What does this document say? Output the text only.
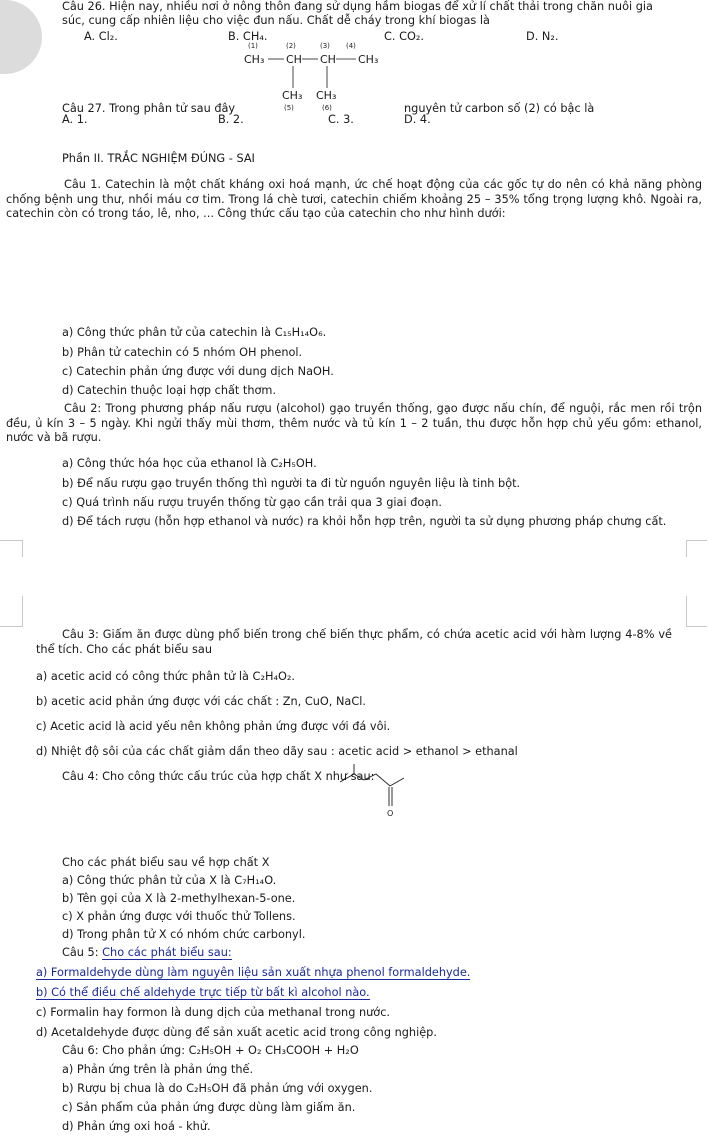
Câu 26. Hiện nay, nhiều nơi ở nông thôn đang sử dụng hầm biogas để xử lí chất thải trong chăn nuôi gia
súc, cung cấp nhiên liệu cho việc đun nấu. Chất dễ cháy trong khí biogas là
A. Cl₂.	B. CH₄.	C. CO₂.	D. N₂.
(1)	(2)	(3) (4)
(5)	(6)
CH₃ CH CH CH₃
CH₃ CH₃
Câu 27. Trong phân tử sau đây	nguyên tử carbon số (2) có bậc là
A. 1.	B. 2.	C. 3.	D. 4.
Phần II. TRẮC NGHIỆM ĐÚNG - SAI
Câu 1. Catechin là một chất kháng oxi hoá mạnh, ức chế hoạt động của các gốc tự do nên có khả năng phòng chống bệnh ung thư, nhồi máu cơ tim. Trong lá chè tươi, catechin chiếm khoảng 25 – 35% tổng trọng lượng khô. Ngoài ra, catechin còn có trong táo, lê, nho, ... Công thức cấu tạo của catechin cho như hình dưới:
a) Công thức phân tử của catechin là C₁₅H₁₄O₆.
b) Phân tử catechin có 5 nhóm OH phenol.
c) Catechin phản ứng được với dung dịch NaOH.
d) Catechin thuộc loại hợp chất thơm.
Câu 2: Trong phương pháp nấu rượu (alcohol) gạo truyền thống, gạo được nấu chín, để nguội, rắc men rồi trộn đều, ủ kín 3 – 5 ngày. Khi ngửi thấy mùi thơm, thêm nước và tủ kín 1 – 2 tuần, thu được hỗn hợp chủ yếu gồm: ethanol, nước và bã rượu.
a) Công thức hóa học của ethanol là C₂H₅OH.
b) Để nấu rượu gạo truyền thống thì người ta đi từ nguồn nguyên liệu là tinh bột.
c) Quá trình nấu rượu truyền thống từ gạo cần trải qua 3 giai đoạn.
d) Để tách rượu (hỗn hợp ethanol và nước) ra khỏi hỗn hợp trên, người ta sử dụng phương pháp chưng cất.
Câu 3: Giấm ăn được dùng phổ biến trong chế biến thực phẩm, có chứa acetic acid với hàm lượng 4-8% về thể tích. Cho các phát biểu sau
a) acetic acid có công thức phân tử là C₂H₄O₂.
b) acetic acid phản ứng được với các chất : Zn, CuO, NaCl.
c) Acetic acid là acid yếu nên không phản ứng được với đá vôi.
d) Nhiệt độ sôi của các chất giảm dần theo dãy sau : acetic acid > ethanol > ethanal
Câu 4: Cho công thức cấu trúc của hợp chất X như sau:
O
Cho các phát biểu sau về hợp chất X
a) Công thức phân tử của X là C₇H₁₄O.
b) Tên gọi của X là 2-methylhexan-5-one.
c) X phản ứng được với thuốc thử Tollens.
d) Trong phân tử X có nhóm chức carbonyl.
Câu 5: Cho các phát biểu sau:
a) Formaldehyde dùng làm nguyên liệu sản xuất nhựa phenol formaldehyde.
b) Có thể điều chế aldehyde trực tiếp từ bất kì alcohol nào.
c) Formalin hay formon là dung dịch của methanal trong nước.
d) Acetaldehyde được dùng để sản xuất acetic acid trong công nghiệp.
Câu 6: Cho phản ứng: C₂H₅OH + O₂ CH₃COOH + H₂O
a) Phản ứng trên là phản ứng thế.
b) Rượu bị chua là do C₂H₅OH đã phản ứng với oxygen.
c) Sản phẩm của phản ứng được dùng làm giấm ăn.
d) Phản ứng oxi hoá - khử.
